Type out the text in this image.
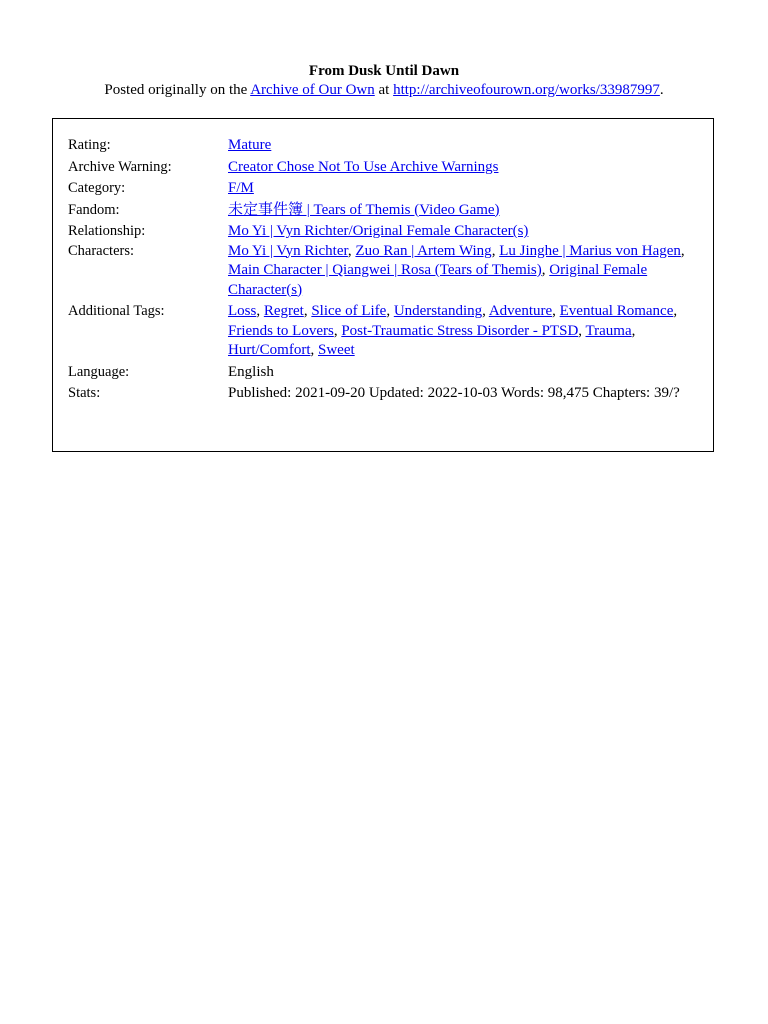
From Dusk Until Dawn
Posted originally on the Archive of Our Own at http://archiveofourown.org/works/33987997.
Rating:	Mature
Archive Warning:	Creator Chose Not To Use Archive Warnings
Category:	F/M
Fandom:	未定事件簿 | Tears of Themis (Video Game)
Relationship:	Mo Yi | Vyn Richter/Original Female Character(s)
Characters:	Mo Yi | Vyn Richter, Zuo Ran | Artem Wing, Lu Jinghe | Marius von Hagen, Main Character | Qiangwei | Rosa (Tears of Themis), Original Female Character(s)
Additional Tags:	Loss, Regret, Slice of Life, Understanding, Adventure, Eventual Romance, Friends to Lovers, Post-Traumatic Stress Disorder - PTSD, Trauma, Hurt/Comfort, Sweet
Language:	English
Stats:	Published: 2021-09-20 Updated: 2022-10-03 Words: 98,475 Chapters: 39/?
